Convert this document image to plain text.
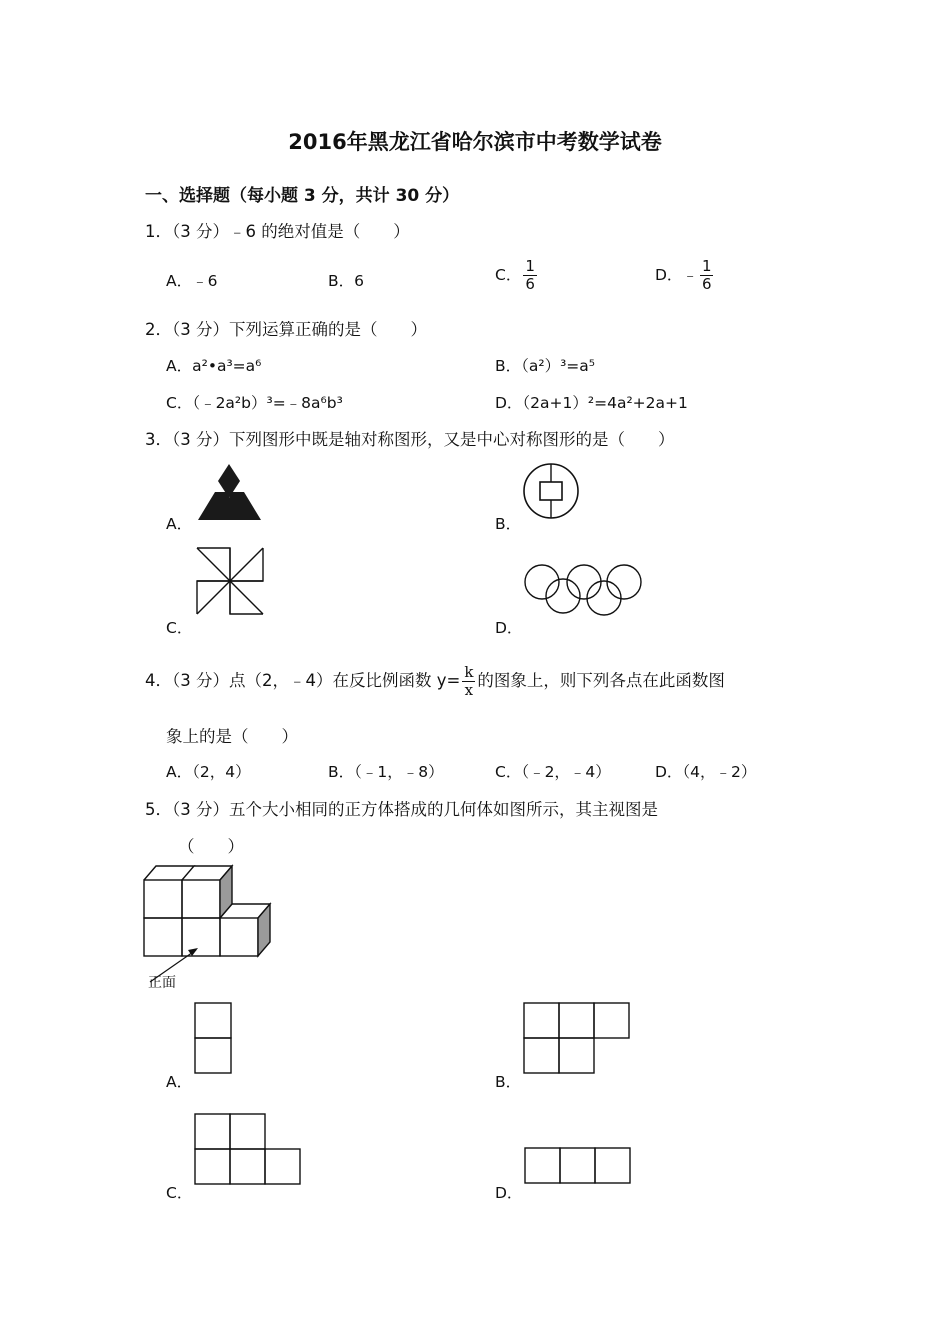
2016年黑龙江省哈尔滨市中考数学试卷
一、选择题（每小题 3 分，共计 30 分）
1．（3 分）﹣6 的绝对值是（　　）
A．﹣6	B．6	C． $\frac{1}{6}$	D．﹣ $\frac{1}{6}$
2．（3 分）下列运算正确的是（　　）
A．a²•a³=a⁶	B．（a²）³=a⁵
C．（﹣2a²b）³=﹣8a⁶b³	D．（2a+1）²=4a²+2a+1
3．（3 分）下列图形中既是轴对称图形，又是中心对称图形的是（　　）
A．	B．
C．	D．
4．（3 分）点（2，﹣4）在反比例函数 $y= \frac{k}{x}$ 的图象上，则下列各点在此函数图
象上的是（　　）
A．（2，4）	B．（﹣1，﹣8）	C．（﹣2，﹣4）	D．（4，﹣2）
5．（3 分）五个大小相同的正方体搭成的几何体如图所示，其主视图是
（　　）
正面
A．	B．
C．	D．
